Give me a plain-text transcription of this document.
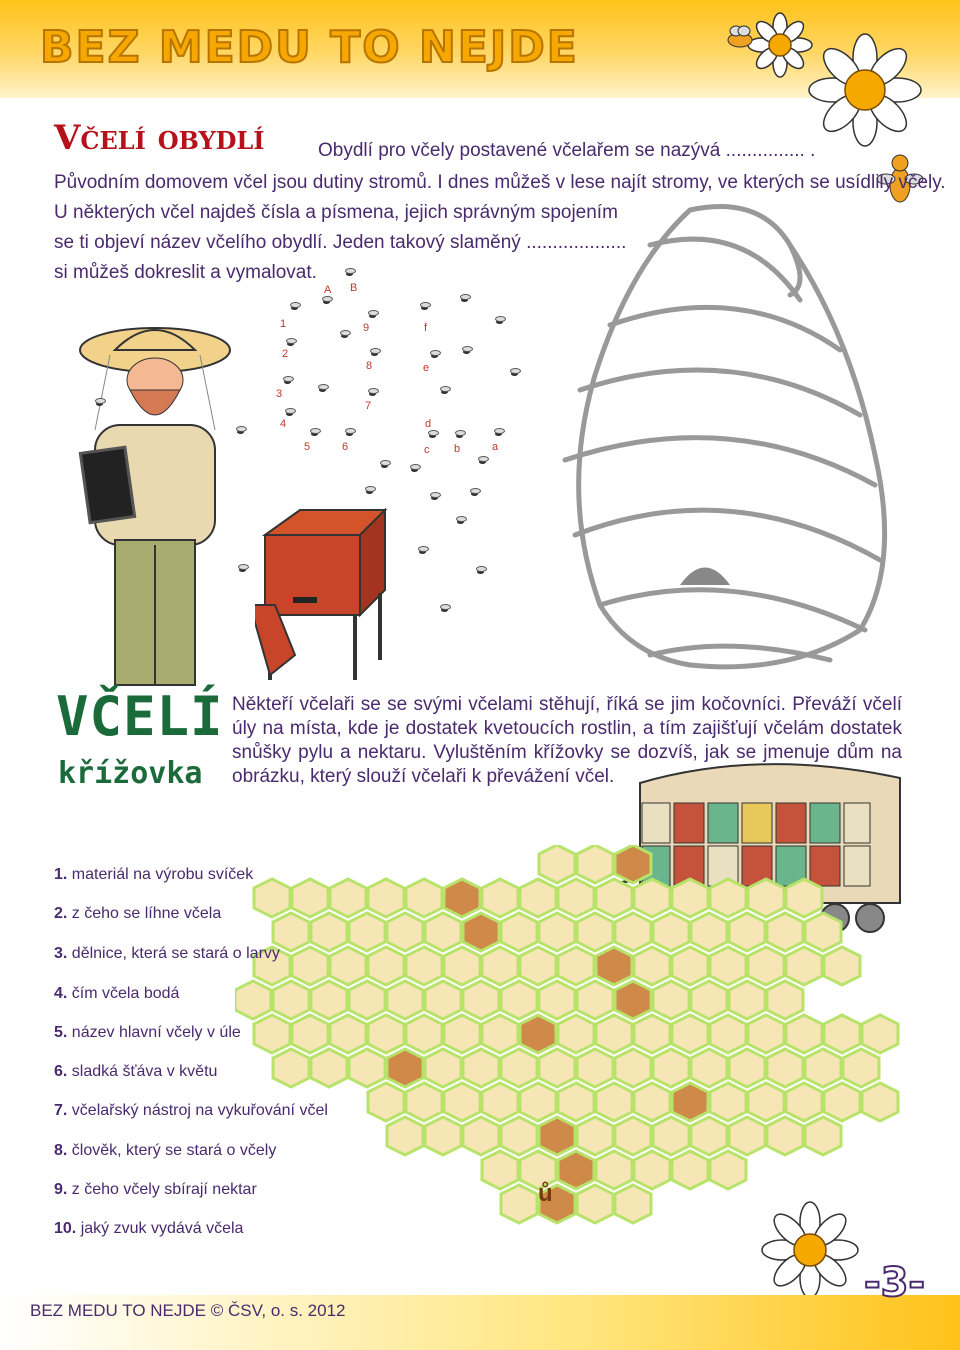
BEZ MEDU TO NEJDE
Včelí obydlí	Obydlí pro včely postavené včelařem se nazývá ............... .
Původním domovem včel jsou dutiny stromů. I dnes můžeš v lese najít stromy, ve kterých se usídlily včely.
U některých včel najdeš čísla a písmena, jejich správným spojením
se ti objeví název včelího obydlí. Jeden takový slaměný ...................
si můžeš dokreslit a vymalovat.
A B
1	9	f
2
8	e
3
7
4	d
5	6	c b	a
VČELÍ
křížovka
Někteří včelaři se se svými včelami stěhují, říká se jim kočovníci. Převáží včelí úly na místa, kde je dostatek kvetoucích rostlin, a tím zajišťují včelám dostatek snůšky pylu a nektaru. Vyluštěním křížovky se dozvíš, jak se jmenuje dům na obrázku, který slouží včelaři k převážení včel.
ů
1. materiál na výrobu svíček
2. z čeho se líhne včela
3. dělnice, která se stará o larvy
4. čím včela bodá
5. název hlavní včely v úle
6. sladká šťáva v květu
7. včelařský nástroj na vykuřování včel
8. člověk, který se stará o včely
9. z čeho včely sbírají nektar
10. jaký zvuk vydává včela
BEZ MEDU TO NEJDE © ČSV, o. s. 2012
-3-
